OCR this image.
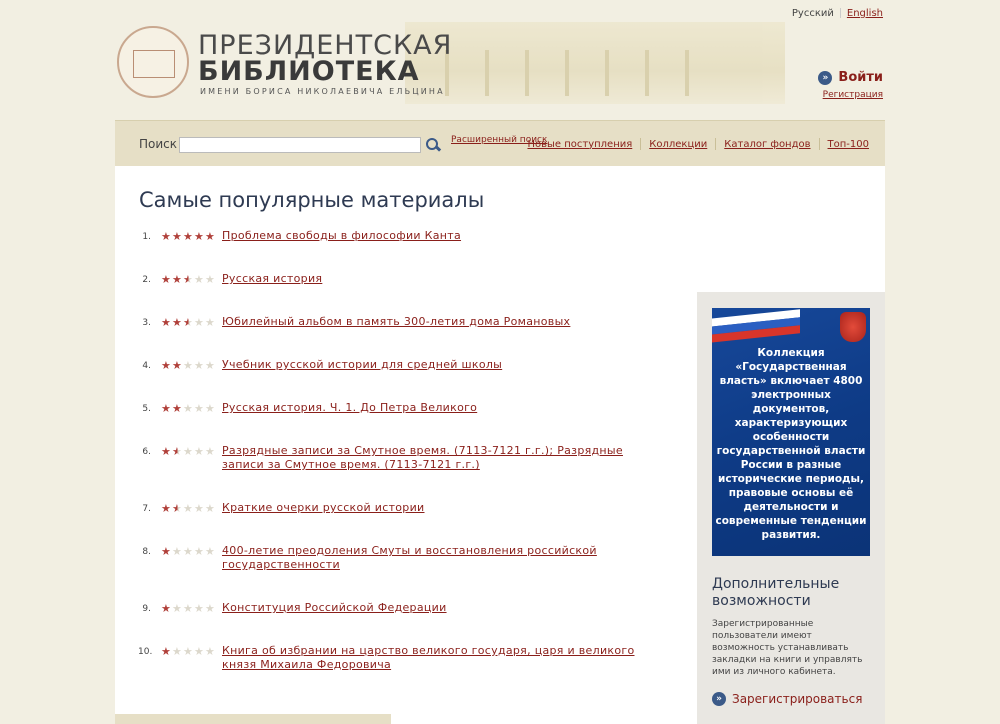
ПРЕЗИДЕНТСКАЯ
БИБЛИОТЕКА
ИМЕНИ БОРИСА НИКОЛАЕВИЧА ЕЛЬЦИНА
Русский English
» Войти
Регистрация
Поиск	Расширенный поиск
Новые поступления Коллекции Каталог фондов Топ-100
Самые популярные материалы
1. ★★★★★ Проблема свободы в философии Канта
2. ★★★★★ Русская история
3. ★★★★★ Юбилейный альбом в память 300-летия дома Романовых
4. ★★★★★ Учебник русской истории для средней школы
5. ★★★★★ Русская история. Ч. 1. До Петра Великого
6. ★★★★★ Разрядные записи за Смутное время. (7113-7121 г.г.); Разрядные записи за Смутное время. (7113-7121 г.г.)
7. ★★★★★ Краткие очерки русской истории
8. ★★★★★ 400-летие преодоления Смуты и восстановления российской государственности
9. ★★★★★ Конституция Российской Федерации
10. ★★★★★ Книга об избрании на царство великого государя, царя и великого князя Михаила Федоровича
Коллекция «Государственная власть» включает 4800 электронных документов, характеризующих особенности государственной власти России в разные исторические периоды, правовые основы её деятельности и современные тенденции развития.
Дополнительные возможности
Зарегистрированные пользователи имеют возможность устанавливать закладки на книги и управлять ими из личного кабинета.
» Зарегистрироваться
